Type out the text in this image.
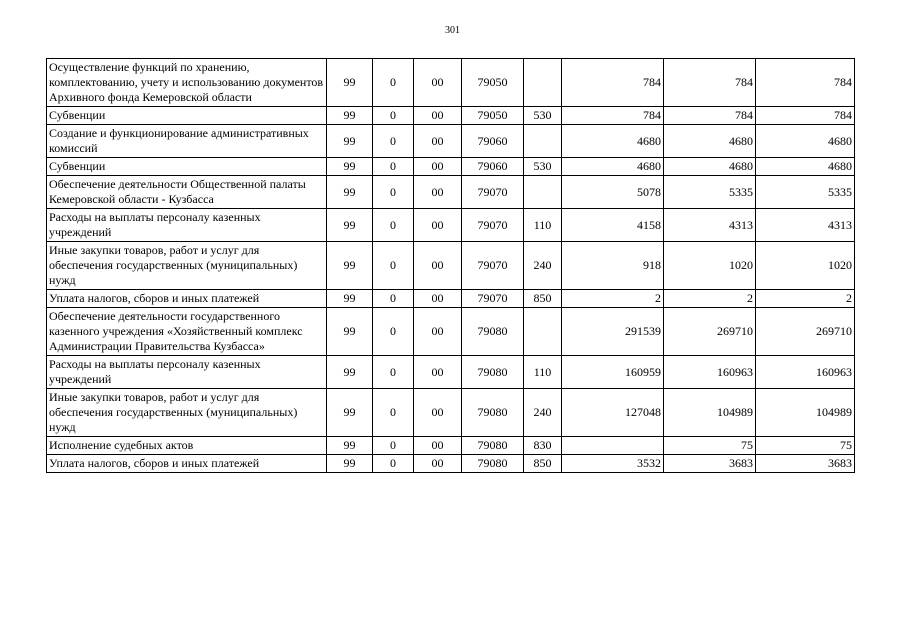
301
Осуществление функций по хранению, комплектованию, учету и использованию документов Архивного фонда Кемеровской области	99	0	00	79050		784	784	784
Субвенции	99	0	00	79050	530	784	784	784
Создание и функционирование административных комиссий	99	0	00	79060		4680	4680	4680
Субвенции	99	0	00	79060	530	4680	4680	4680
Обеспечение деятельности Общественной палаты Кемеровской области - Кузбасса	99	0	00	79070		5078	5335	5335
Расходы на выплаты персоналу казенных учреждений	99	0	00	79070	110	4158	4313	4313
Иные закупки товаров, работ и услуг для обеспечения государственных (муниципальных) нужд	99	0	00	79070	240	918	1020	1020
Уплата налогов, сборов и иных платежей	99	0	00	79070	850	2	2	2
Обеспечение деятельности государственного казенного учреждения «Хозяйственный комплекс Администрации Правительства Кузбасса»	99	0	00	79080		291539	269710	269710
Расходы на выплаты персоналу казенных учреждений	99	0	00	79080	110	160959	160963	160963
Иные закупки товаров, работ и услуг для обеспечения государственных (муниципальных) нужд	99	0	00	79080	240	127048	104989	104989
Исполнение судебных актов	99	0	00	79080	830		75	75
Уплата налогов, сборов и иных платежей	99	0	00	79080	850	3532	3683	3683
